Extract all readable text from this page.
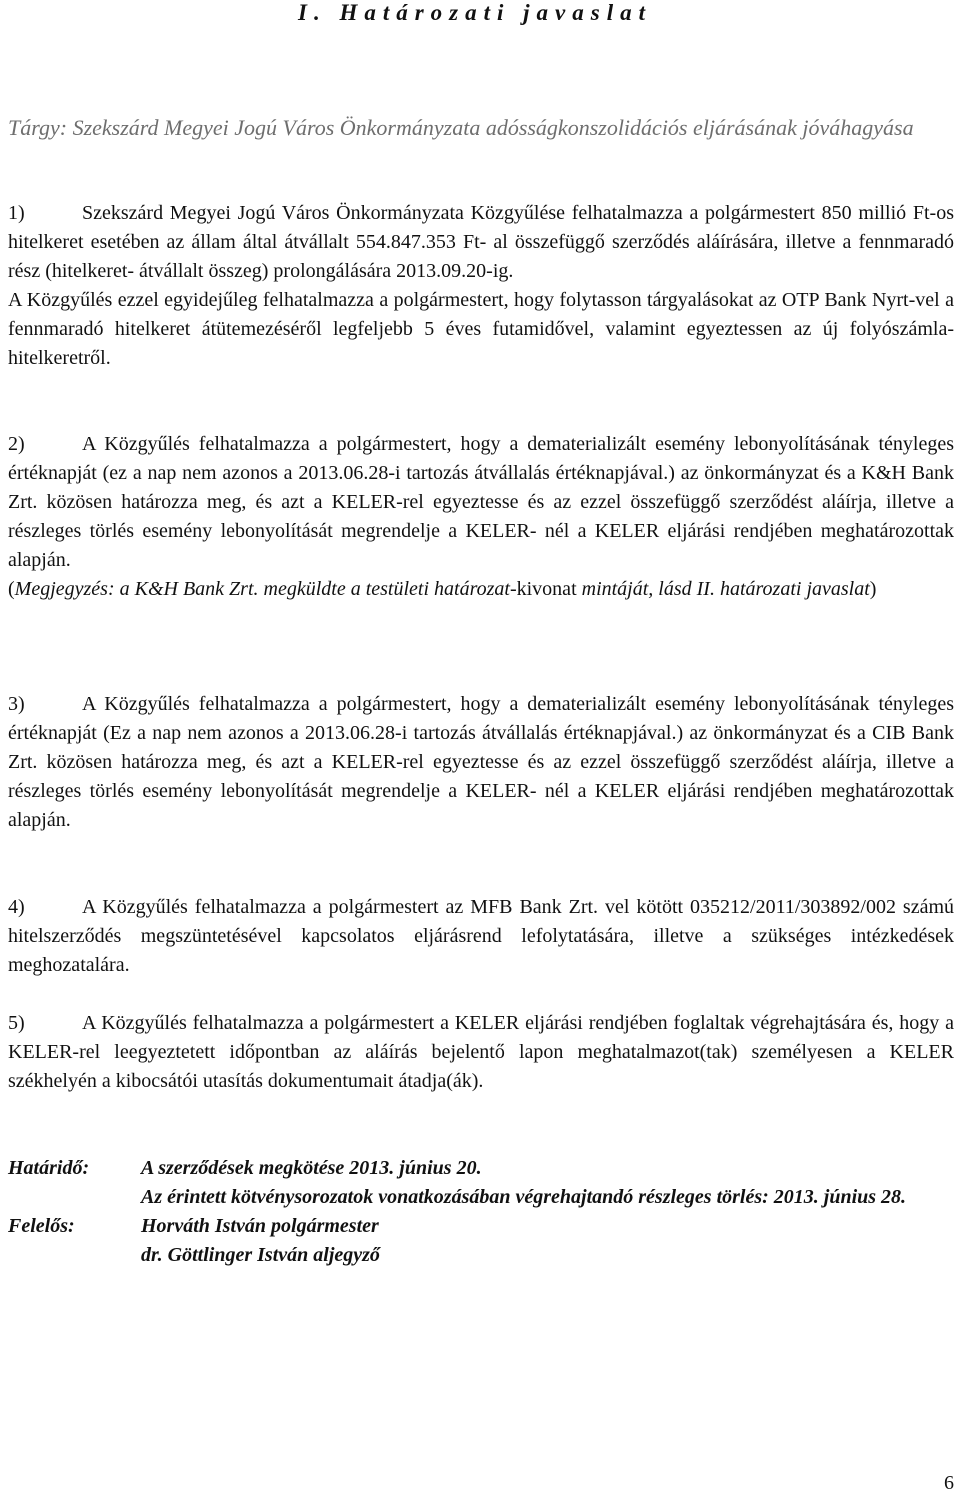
I. Határozati javaslat
Tárgy: Szekszárd Megyei Jogú Város Önkormányzata adósságkonszolidációs eljárásának jóváhagyása

1)	Szekszárd Megyei Jogú Város Önkormányzata Közgyűlése felhatalmazza a polgármestert 850 millió Ft-os hitelkeret esetében az állam által átvállalt 554.847.353 Ft- al összefüggő szerződés aláírására, illetve a fennmaradó rész (hitelkeret- átvállalt összeg) prolongálására 2013.09.20-ig.

A Közgyűlés ezzel egyidejűleg felhatalmazza a polgármestert, hogy folytasson tárgyalásokat az OTP Bank Nyrt-vel a fennmaradó hitelkeret átütemezéséről legfeljebb 5 éves futamidővel, valamint egyeztessen az új folyószámla-hitelkeretről.

2)	A Közgyűlés felhatalmazza a polgármestert, hogy a dematerializált esemény lebonyolításának tényleges értéknapját (ez a nap nem azonos a 2013.06.28-i tartozás átvállalás értéknapjával.) az önkormányzat és a K&H Bank Zrt. közösen határozza meg, és azt a KELER-rel egyeztesse és az ezzel összefüggő szerződést aláírja, illetve a részleges törlés esemény lebonyolítását megrendelje a KELER- nél a KELER eljárási rendjében meghatározottak alapján.

(Megjegyzés: a K&H Bank Zrt. megküldte a testületi határozat-kivonat mintáját, lásd II. határozati javaslat)

3)	A Közgyűlés felhatalmazza a polgármestert, hogy a dematerializált esemény lebonyolításának tényleges értéknapját (Ez a nap nem azonos a 2013.06.28-i tartozás átvállalás értéknapjával.) az önkormányzat és a CIB Bank Zrt. közösen határozza meg, és azt a KELER-rel egyeztesse és az ezzel összefüggő szerződést aláírja, illetve a részleges törlés esemény lebonyolítását megrendelje a KELER- nél a KELER eljárási rendjében meghatározottak alapján.

4)	A Közgyűlés felhatalmazza a polgármestert az MFB Bank Zrt. vel kötött 035212/2011/303892/002 számú hitelszerződés megszüntetésével kapcsolatos eljárásrend lefolytatására, illetve a szükséges intézkedések meghozatalára.

5)	A Közgyűlés felhatalmazza a polgármestert a KELER eljárási rendjében foglaltak végrehajtására és, hogy a KELER-rel leegyeztetett időpontban az aláírás bejelentő lapon meghatalmazot(tak) személyesen a KELER székhelyén a kibocsátói utasítás dokumentumait átadja(ák).

Határidő:	A szerződések megkötése 2013. június 20.
Az érintett kötvénysorozatok vonatkozásában végrehajtandó részleges törlés: 2013. június 28.
Felelős:	Horváth István polgármester
dr. Göttlinger István aljegyző
6
